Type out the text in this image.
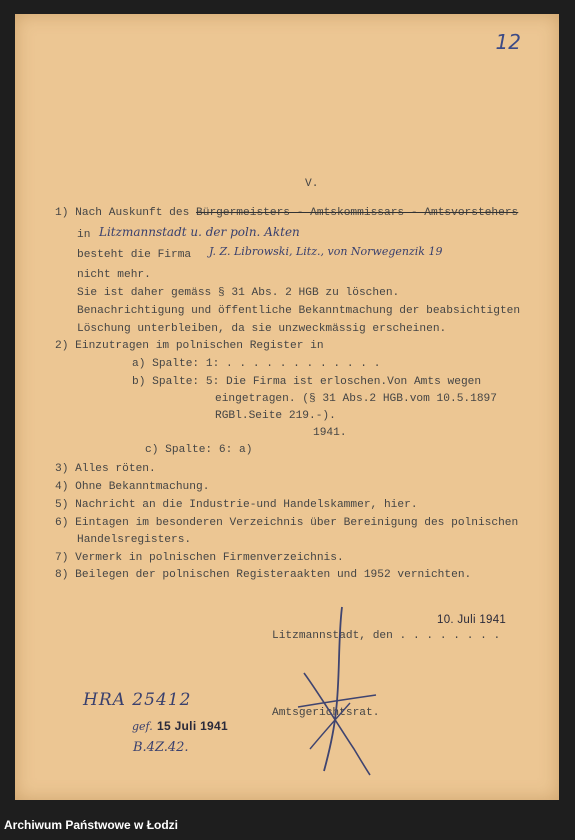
12
V.
1) Nach Auskunft des Bürgermeisters - Amtskommissars - Amtsvorstehers
in Litzmannstadt u. der poln. Akten
besteht die Firma J. Z. Librowski, Litz., von Norwegenzik 19
nicht mehr.
Sie ist daher gemäss § 31 Abs. 2 HGB zu löschen.
Benachrichtigung und öffentliche Bekanntmachung der beabsichtigten
Löschung unterbleiben, da sie unzweckmässig erscheinen.
2) Einzutragen im polnischen Register in
a) Spalte: 1: . . . . . . . . . . . .
b) Spalte: 5: Die Firma ist erloschen.Von Amts wegen
eingetragen. (§ 31 Abs.2 HGB.vom 10.5.1897
RGBl.Seite 219.-).
1941.
c) Spalte: 6: a)
3) Alles röten.
4) Ohne Bekanntmachung.
5) Nachricht an die Industrie-und Handelskammer, hier.
6) Eintagen im besonderen Verzeichnis über Bereinigung des polnischen
Handelsregisters.
7) Vermerk in polnischen Firmenverzeichnis.
8) Beilegen der polnischen Registeraakten und 1952 vernichten.
10. Juli 1941
Litzmannstadt, den . . . . . . . .
Amtsgerichtsrat.
HRA 25412
gef. 15 Juli 1941
B.4Z.42.
Archiwum Państwowe w Łodzi
